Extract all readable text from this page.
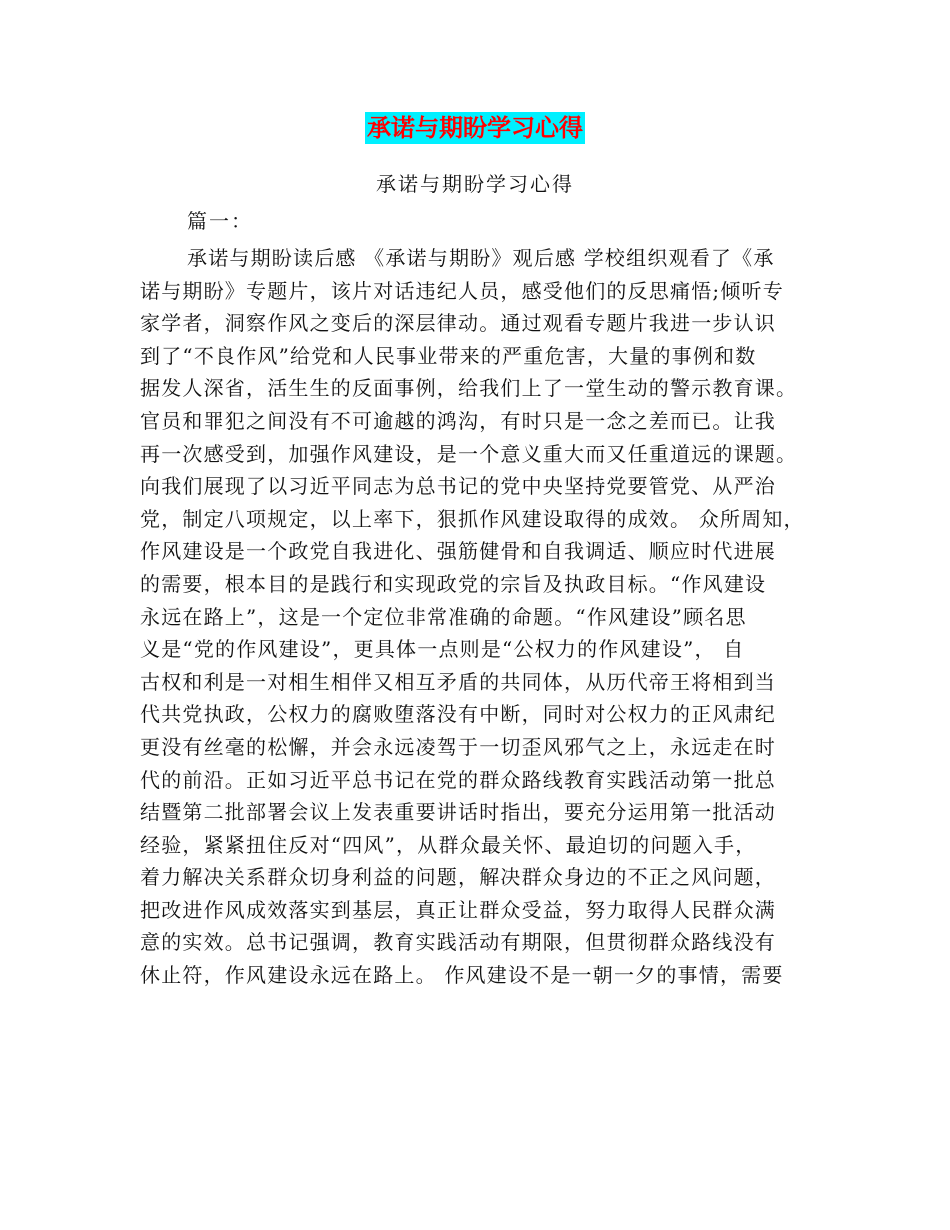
承诺与期盼学习心得
承诺与期盼学习心得
篇一：
承诺与期盼读后感 《承诺与期盼》观后感 学校组织观看了《承
诺与期盼》专题片，该片对话违纪人员，感受他们的反思痛悟;倾听专
家学者，洞察作风之变后的深层律动。通过观看专题片我进一步认识
到了“不良作风”给党和人民事业带来的严重危害，大量的事例和数
据发人深省，活生生的反面事例，给我们上了一堂生动的警示教育课。
官员和罪犯之间没有不可逾越的鸿沟，有时只是一念之差而已。让我
再一次感受到，加强作风建设，是一个意义重大而又任重道远的课题。
向我们展现了以习近平同志为总书记的党中央坚持党要管党、从严治
党，制定八项规定，以上率下，狠抓作风建设取得的成效。 众所周知，
作风建设是一个政党自我进化、强筋健骨和自我调适、顺应时代进展
的需要，根本目的是践行和实现政党的宗旨及执政目标。“作风建设
永远在路上”，这是一个定位非常准确的命题。“作风建设”顾名思
义是“党的作风建设”，更具体一点则是“公权力的作风建设”， 自
古权和利是一对相生相伴又相互矛盾的共同体，从历代帝王将相到当
代共党执政，公权力的腐败堕落没有中断，同时对公权力的正风肃纪
更没有丝毫的松懈，并会永远凌驾于一切歪风邪气之上，永远走在时
代的前沿。正如习近平总书记在党的群众路线教育实践活动第一批总
结暨第二批部署会议上发表重要讲话时指出，要充分运用第一批活动
经验，紧紧扭住反对“四风”，从群众最关怀、最迫切的问题入手，
着力解决关系群众切身利益的问题，解决群众身边的不正之风问题，
把改进作风成效落实到基层，真正让群众受益，努力取得人民群众满
意的实效。总书记强调，教育实践活动有期限，但贯彻群众路线没有
休止符，作风建设永远在路上。 作风建设不是一朝一夕的事情，需要
